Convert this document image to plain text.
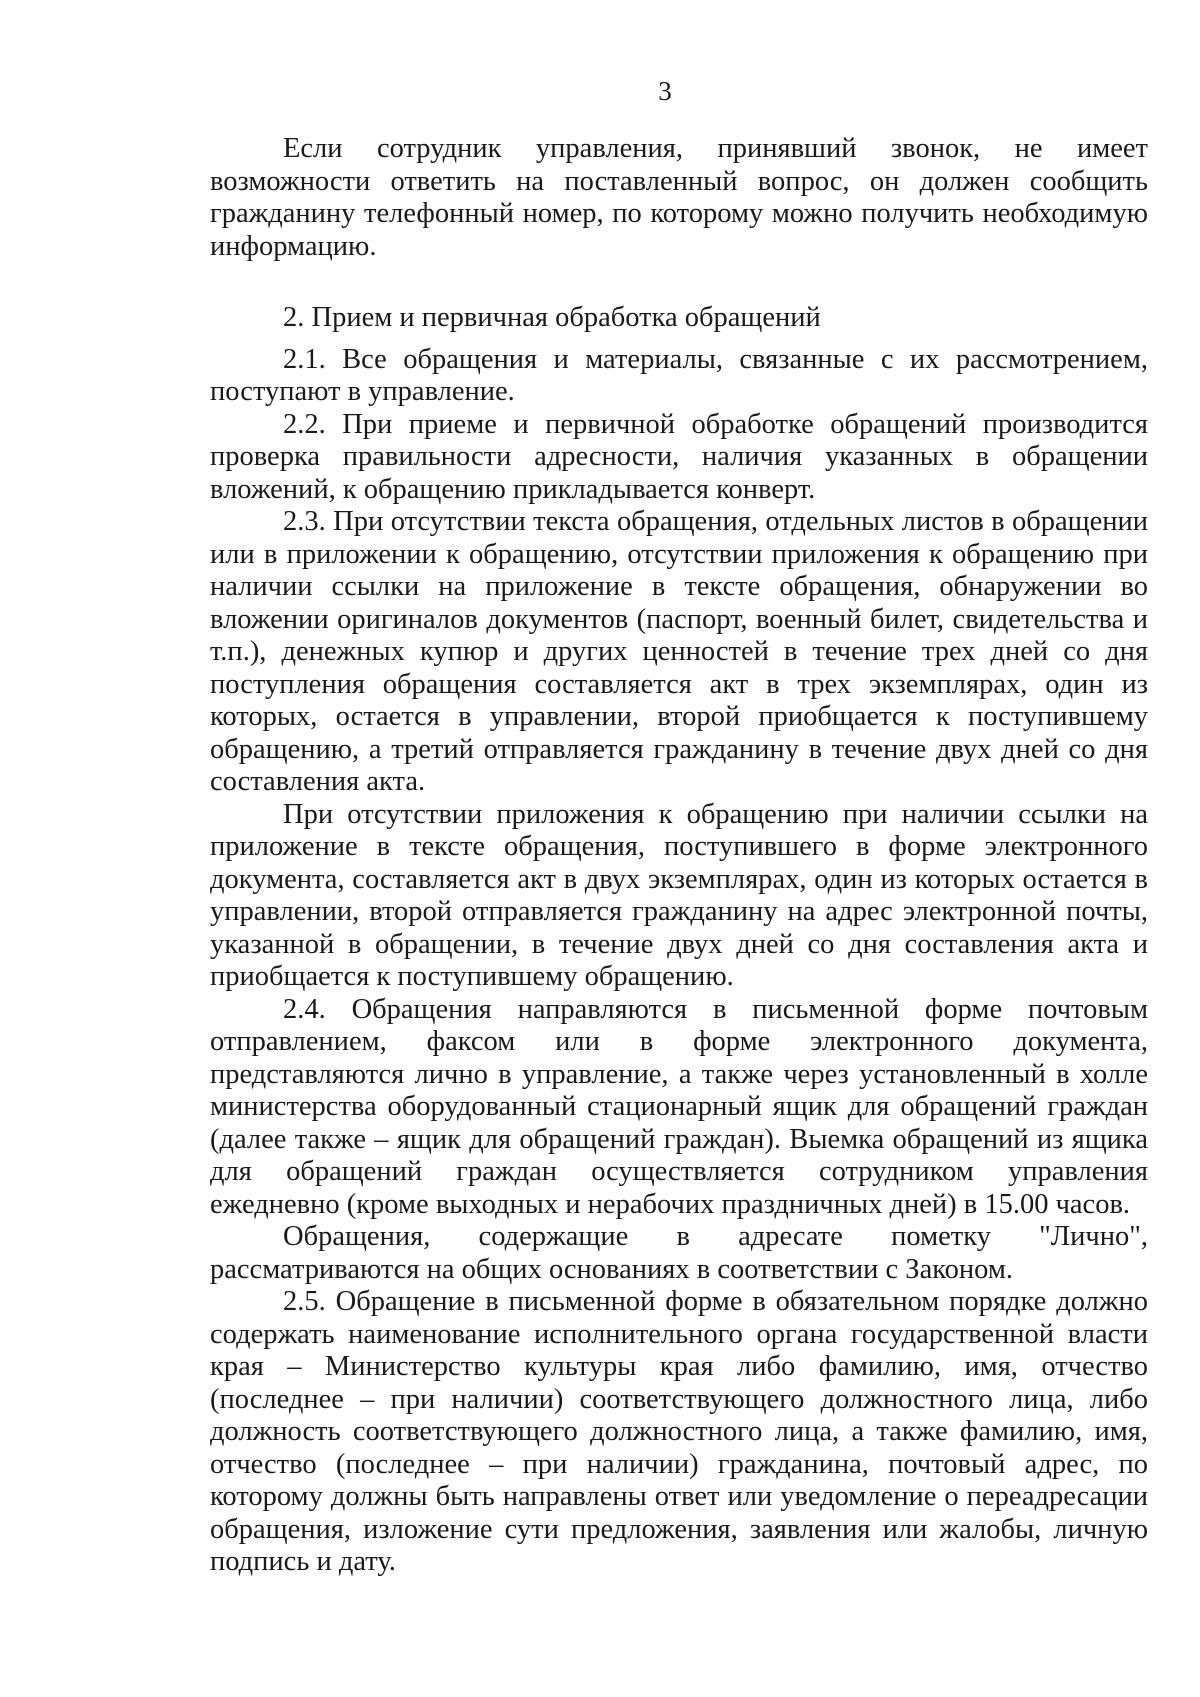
3

Если сотрудник управления, принявший звонок, не имеет возможности ответить на поставленный вопрос, он должен сообщить гражданину телефонный номер, по которому можно получить необходимую информацию.

2. Прием и первичная обработка обращений

2.1. Все обращения и материалы, связанные с их рассмотрением, поступают в управление.

2.2. При приеме и первичной обработке обращений производится проверка правильности адресности, наличия указанных в обращении вложений, к обращению прикладывается конверт.

2.3. При отсутствии текста обращения, отдельных листов в обращении или в приложении к обращению, отсутствии приложения к обращению при наличии ссылки на приложение в тексте обращения, обнаружении во вложении оригиналов документов (паспорт, военный билет, свидетельства и т.п.), денежных купюр и других ценностей в течение трех дней со дня поступления обращения составляется акт в трех экземплярах, один из которых, остается в управлении, второй приобщается к поступившему обращению, а третий отправляется гражданину в течение двух дней со дня составления акта.

При отсутствии приложения к обращению при наличии ссылки на приложение в тексте обращения, поступившего в форме электронного документа, составляется акт в двух экземплярах, один из которых остается в управлении, второй отправляется гражданину на адрес электронной почты, указанной в обращении, в течение двух дней со дня составления акта и приобщается к поступившему обращению.

2.4. Обращения направляются в письменной форме почтовым отправлением, факсом или в форме электронного документа, представляются лично в управление, а также через установленный в холле министерства оборудованный стационарный ящик для обращений граждан (далее также – ящик для обращений граждан). Выемка обращений из ящика для обращений граждан осуществляется сотрудником управления ежедневно (кроме выходных и нерабочих праздничных дней) в 15.00 часов.

Обращения, содержащие в адресате пометку "Лично", рассматриваются на общих основаниях в соответствии с Законом.

2.5. Обращение в письменной форме в обязательном порядке должно содержать наименование исполнительного органа государственной власти края – Министерство культуры края либо фамилию, имя, отчество (последнее – при наличии) соответствующего должностного лица, либо должность соответствующего должностного лица, а также фамилию, имя, отчество (последнее – при наличии) гражданина, почтовый адрес, по которому должны быть направлены ответ или уведомление о переадресации обращения, изложение сути предложения, заявления или жалобы, личную подпись и дату.
